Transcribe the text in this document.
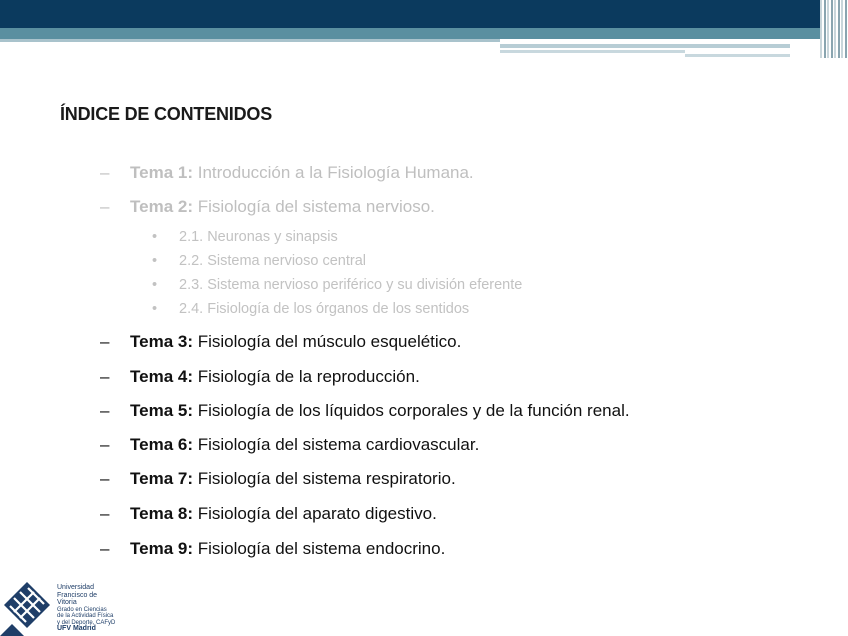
ÍNDICE DE CONTENIDOS
– Tema 1: Introducción a la Fisiología Humana.
– Tema 2: Fisiología del sistema nervioso.
• 2.1. Neuronas y sinapsis
• 2.2. Sistema nervioso central
• 2.3. Sistema nervioso periférico y su división eferente
• 2.4. Fisiología de los órganos de los sentidos
– Tema 3: Fisiología del músculo esquelético.
– Tema 4: Fisiología de la reproducción.
– Tema 5: Fisiología de los líquidos corporales y de la función renal.
– Tema 6: Fisiología del sistema cardiovascular.
– Tema 7: Fisiología del sistema respiratorio.
– Tema 8: Fisiología del aparato digestivo.
– Tema 9: Fisiología del sistema endocrino.
Universidad
Francisco de
Vitoria
Grado en Ciencias
de la Actividad Física
y del Deporte, CAFyD
UFV Madrid
